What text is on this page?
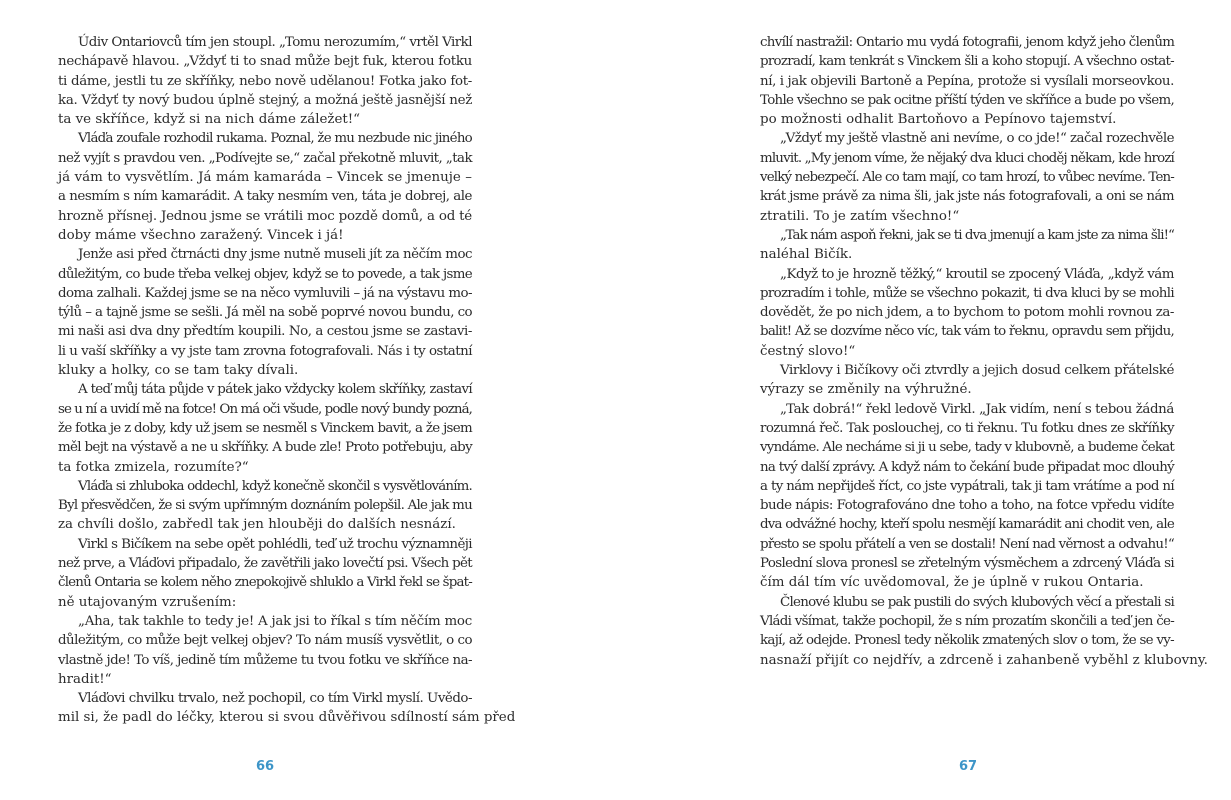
Údiv Ontariovců tím jen stoupl. „Tomu nerozumím,“ vrtěl Virkl
nechápavě hlavou. „Vždyť ti to snad může bejt fuk, kterou fotku
ti dáme, jestli tu ze skříňky, nebo nově udělanou! Fotka jako fot-
ka. Vždyť ty nový budou úplně stejný, a možná ještě jasnější než
ta ve skříňce, když si na nich dáme záležet!“
Vláďa zoufale rozhodil rukama. Poznal, že mu nezbude nic jiného
než vyjít s pravdou ven. „Podívejte se,“ začal překotně mluvit, „tak
já vám to vysvětlím. Já mám kamaráda – Vincek se jmenuje –
a nesmím s ním kamarádit. A taky nesmím ven, táta je dobrej, ale
hrozně přísnej. Jednou jsme se vrátili moc pozdě domů, a od té
doby máme všechno zaražený. Vincek i já!
Jenže asi před čtrnácti dny jsme nutně museli jít za něčím moc
důležitým, co bude třeba velkej objev, když se to povede, a tak jsme
doma zalhali. Každej jsme se na něco vymluvili – já na výstavu mo-
týlů – a tajně jsme se sešli. Já měl na sobě poprvé novou bundu, co
mi naši asi dva dny předtím koupili. No, a cestou jsme se zastavi-
li u vaší skříňky a vy jste tam zrovna fotografovali. Nás i ty ostatní
kluky a holky, co se tam taky dívali.
A teď můj táta půjde v pátek jako vždycky kolem skříňky, zastaví
se u ní a uvidí mě na fotce! On má oči všude, podle nový bundy pozná,
že fotka je z doby, kdy už jsem se nesměl s Vinckem bavit, a že jsem
měl bejt na výstavě a ne u skříňky. A bude zle! Proto potřebuju, aby
ta fotka zmizela, rozumíte?“
Vláďa si zhluboka oddechl, když konečně skončil s vysvětlováním.
Byl přesvědčen, že si svým upřímným doznáním polepšil. Ale jak mu
za chvíli došlo, zabředl tak jen hlouběji do dalších nesnází.
Virkl s Bičíkem na sebe opět pohlédli, teď už trochu významněji
než prve, a Vláďovi připadalo, že zavětřili jako lovečtí psi. Všech pět
členů Ontaria se kolem něho znepokojivě shluklo a Virkl řekl se špat-
ně utajovaným vzrušením:
„Aha, tak takhle to tedy je! A jak jsi to říkal s tím něčím moc
důležitým, co může bejt velkej objev? To nám musíš vysvětlit, o co
vlastně jde! To víš, jedině tím můžeme tu tvou fotku ve skříňce na-
hradit!“
Vláďovi chvilku trvalo, než pochopil, co tím Virkl myslí. Uvědo-
mil si, že padl do léčky, kterou si svou důvěřivou sdílností sám před
chvílí nastražil: Ontario mu vydá fotografii, jenom když jeho členům
prozradí, kam tenkrát s Vinckem šli a koho stopují. A všechno ostat-
ní, i jak objevili Bartoně a Pepína, protože si vysílali morseovkou.
Tohle všechno se pak ocitne příští týden ve skříňce a bude po všem,
po možnosti odhalit Bartoňovo a Pepínovo tajemství.
„Vždyť my ještě vlastně ani nevíme, o co jde!“ začal rozechvěle
mluvit. „My jenom víme, že nějaký dva kluci choděj někam, kde hrozí
velký nebezpečí. Ale co tam mají, co tam hrozí, to vůbec nevíme. Ten-
krát jsme právě za nima šli, jak jste nás fotografovali, a oni se nám
ztratili. To je zatím všechno!“
„Tak nám aspoň řekni, jak se ti dva jmenují a kam jste za nima šli!“
naléhal Bičík.
„Když to je hrozně těžký,“ kroutil se zpocený Vláďa, „když vám
prozradím i tohle, může se všechno pokazit, ti dva kluci by se mohli
dovědět, že po nich jdem, a to bychom to potom mohli rovnou za-
balit! Až se dozvíme něco víc, tak vám to řeknu, opravdu sem přijdu,
čestný slovo!“
Virklovy i Bičíkovy oči ztvrdly a jejich dosud celkem přátelské
výrazy se změnily na výhružné.
„Tak dobrá!“ řekl ledově Virkl. „Jak vidím, není s tebou žádná
rozumná řeč. Tak poslouchej, co ti řeknu. Tu fotku dnes ze skříňky
vyndáme. Ale necháme si ji u sebe, tady v klubovně, a budeme čekat
na tvý další zprávy. A když nám to čekání bude připadat moc dlouhý
a ty nám nepřijdeš říct, co jste vypátrali, tak ji tam vrátíme a pod ní
bude nápis: Fotografováno dne toho a toho, na fotce vpředu vidíte
dva odvážné hochy, kteří spolu nesmějí kamarádit ani chodit ven, ale
přesto se spolu přátelí a ven se dostali! Není nad věrnost a odvahu!“
Poslední slova pronesl se zřetelným výsměchem a zdrcený Vláďa si
čím dál tím víc uvědomoval, že je úplně v rukou Ontaria.
Členové klubu se pak pustili do svých klubových věcí a přestali si
Vládi všímat, takže pochopil, že s ním prozatím skončili a teď jen če-
kají, až odejde. Pronesl tedy několik zmatených slov o tom, že se vy-
nasnaží přijít co nejdřív, a zdrceně i zahanbeně vyběhl z klubovny.
66	67
